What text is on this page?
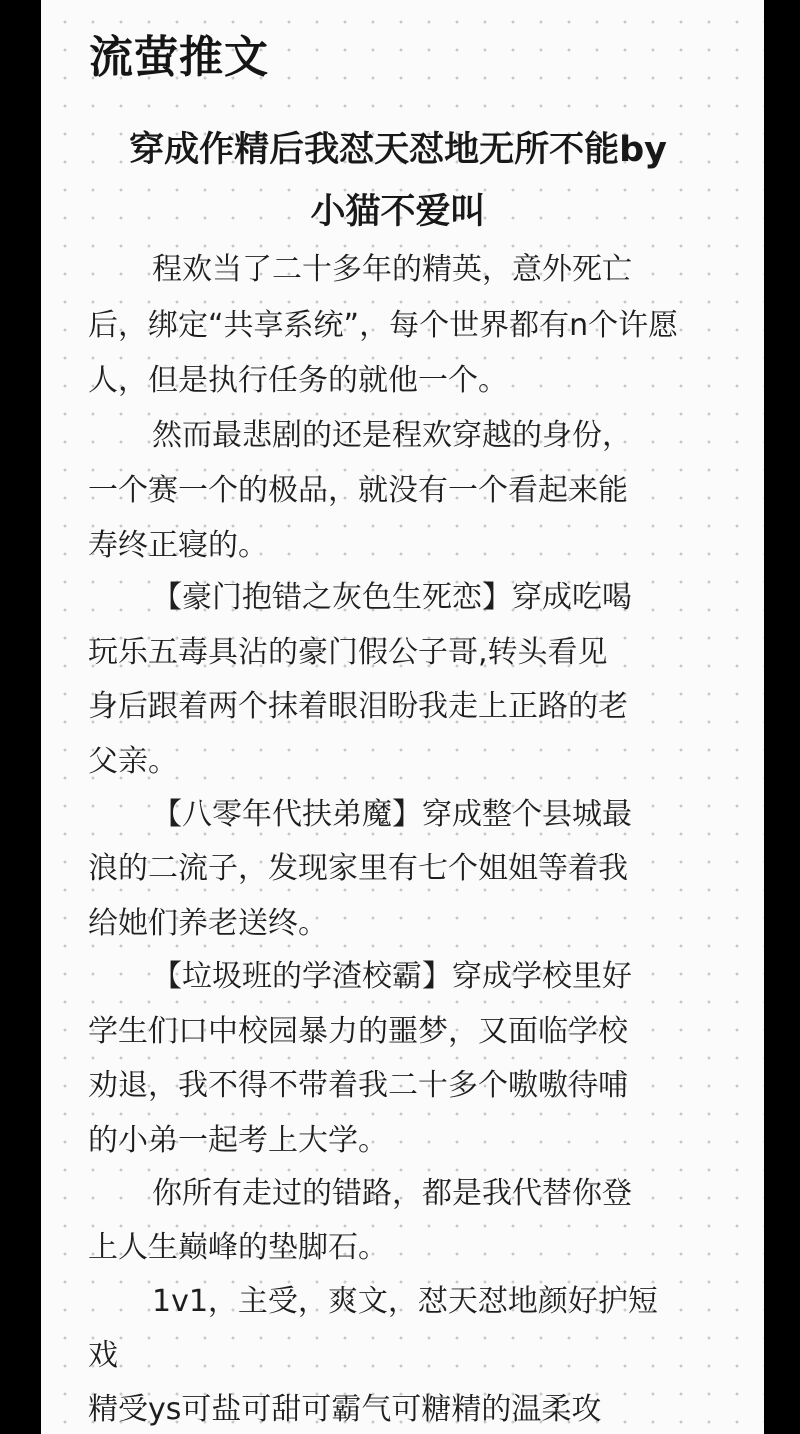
流萤推文
穿成作精后我怼天怼地无所不能by
小猫不爱叫

程欢当了二十多年的精英，意外死亡

后，绑定“共享系统”，每个世界都有n个许愿

人，但是执行任务的就他一个。

然而最悲剧的还是程欢穿越的身份，

一个赛一个的极品，就没有一个看起来能

寿终正寝的。

【豪门抱错之灰色生死恋】穿成吃喝

玩乐五毒具沾的豪门假公子哥,转头看见

身后跟着两个抹着眼泪盼我走上正路的老

父亲。

【八零年代扶弟魔】穿成整个县城最

浪的二流子，发现家里有七个姐姐等着我

给她们养老送终。

【垃圾班的学渣校霸】穿成学校里好

学生们口中校园暴力的噩梦，又面临学校

劝退，我不得不带着我二十多个嗷嗷待哺

的小弟一起考上大学。

你所有走过的错路，都是我代替你登

上人生巅峰的垫脚石。

1v1，主受，爽文，怼天怼地颜好护短

戏

精受ys可盐可甜可霸气可糖精的温柔攻
